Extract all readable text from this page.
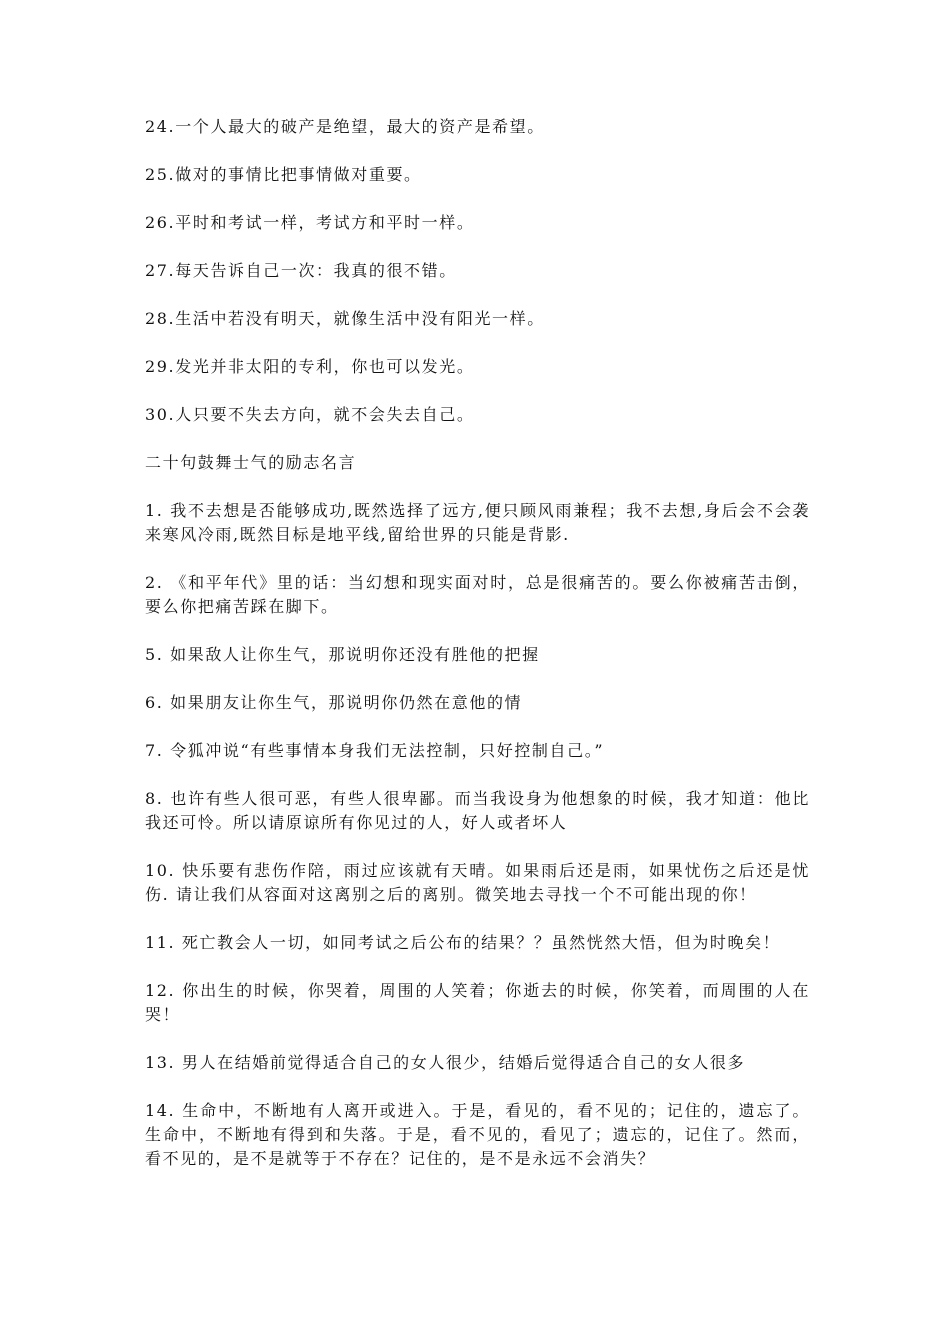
24.一个人最大的破产是绝望，最大的资产是希望。

25.做对的事情比把事情做对重要。

26.平时和考试一样，考试方和平时一样。

27.每天告诉自己一次：我真的很不错。

28.生活中若没有明天，就像生活中没有阳光一样。

29.发光并非太阳的专利，你也可以发光。

30.人只要不失去方向，就不会失去自己。

二十句鼓舞士气的励志名言

1. 我不去想是否能够成功,既然选择了远方,便只顾风雨兼程；我不去想,身后会不会袭来寒风冷雨,既然目标是地平线,留给世界的只能是背影.

2. 《和平年代》里的话：当幻想和现实面对时，总是很痛苦的。要么你被痛苦击倒，要么你把痛苦踩在脚下。

5. 如果敌人让你生气，那说明你还没有胜他的把握

6. 如果朋友让你生气，那说明你仍然在意他的情

7. 令狐冲说“有些事情本身我们无法控制，只好控制自己。”

8. 也许有些人很可恶，有些人很卑鄙。而当我设身为他想象的时候，我才知道：他比我还可怜。所以请原谅所有你见过的人，好人或者坏人

10. 快乐要有悲伤作陪，雨过应该就有天晴。如果雨后还是雨，如果忧伤之后还是忧伤. 请让我们从容面对这离别之后的离别。微笑地去寻找一个不可能出现的你！

11. 死亡教会人一切，如同考试之后公布的结果？？虽然恍然大悟，但为时晚矣！

12. 你出生的时候，你哭着，周围的人笑着；你逝去的时候，你笑着，而周围的人在哭！

13. 男人在结婚前觉得适合自己的女人很少，结婚后觉得适合自己的女人很多

14. 生命中，不断地有人离开或进入。于是，看见的，看不见的；记住的，遗忘了。生命中，不断地有得到和失落。于是，看不见的，看见了；遗忘的，记住了。然而，看不见的，是不是就等于不存在？记住的，是不是永远不会消失？
